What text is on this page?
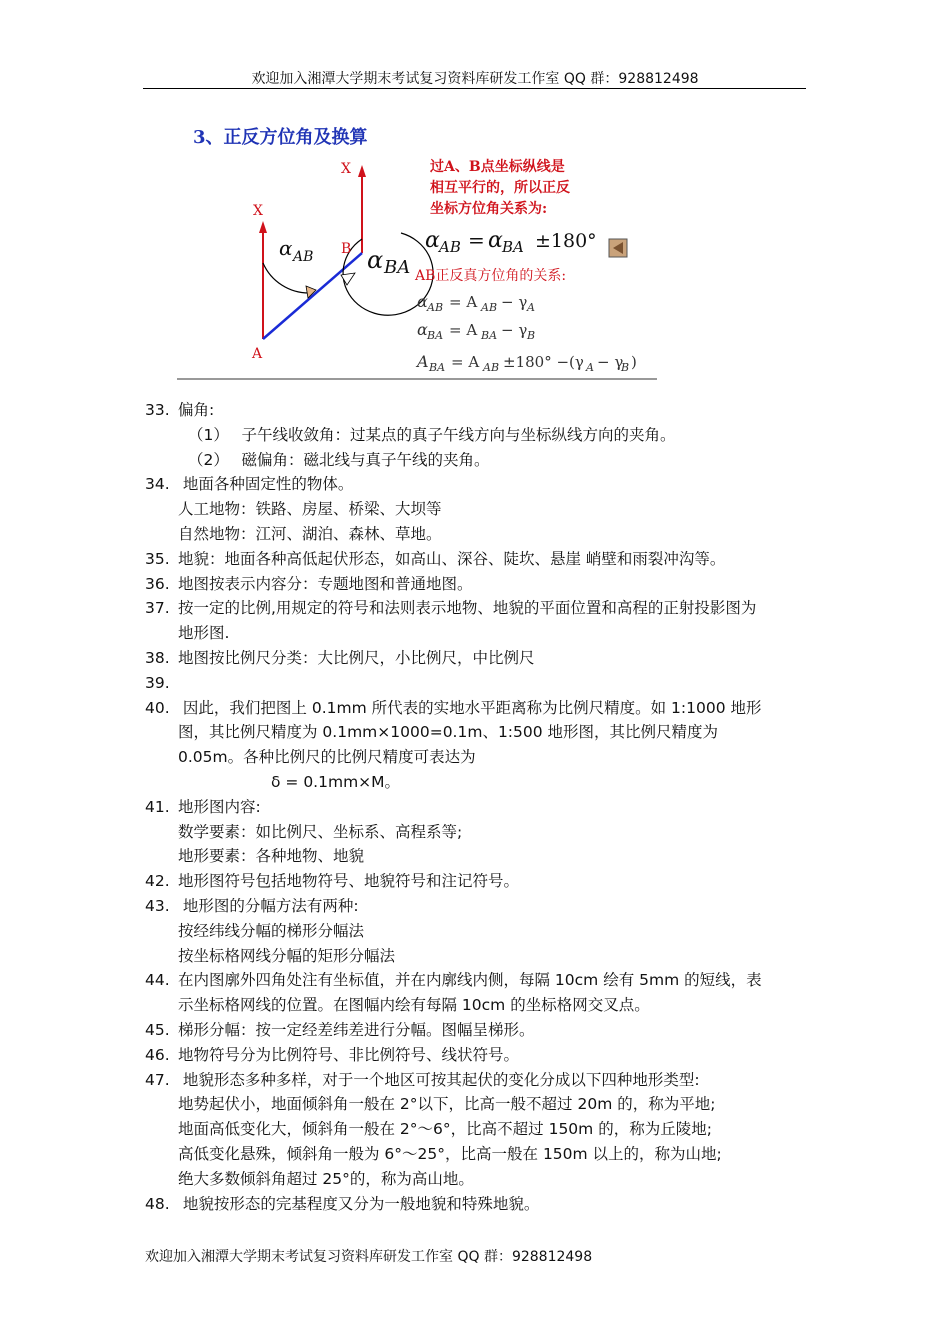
欢迎加入湘潭大学期末考试复习资料库研发工作室 QQ 群：928812498
3、正反方位角及换算
X
X
A
B
α AB α BA
α AB = α BA ±180°
α AB = A AB − γ A
α BA = A BA − γ B
A BA = A AB ±180° −(γ A − γ
B )
过A、B点坐标纵线是
相互平行的，所以正反
坐标方位角关系为:
AB正反真方位角的关系:
33. 偏角:
（1）　 子午线收敛角：过某点的真子午线方向与坐标纵线方向的夹角。
（2）　 磁偏角：磁北线与真子午线的夹角。
34. 地面各种固定性的物体。
人工地物：铁路、房屋、桥梁、大坝等
自然地物：江河、湖泊、森林、草地。
35. 地貌：地面各种高低起伏形态，如高山、深谷、陡坎、悬崖 峭壁和雨裂冲沟等。
36. 地图按表示内容分：专题地图和普通地图。
37. 按一定的比例,用规定的符号和法则表示地物、地貌的平面位置和高程的正射投影图为
地形图.
38. 地图按比例尺分类：大比例尺，小比例尺，中比例尺
39.
40. 因此，我们把图上 0.1mm 所代表的实地水平距离称为比例尺精度。如 1:1000 地形
图，其比例尺精度为 0.1mm×1000=0.1m、1:500 地形图，其比例尺精度为
0.05m。各种比例尺的比例尺精度可表达为
　　　　　　δ = 0.1mm×M。
41. 地形图内容:
数学要素：如比例尺、坐标系、高程系等;
地形要素：各种地物、地貌
42. 地形图符号包括地物符号、地貌符号和注记符号。
43. 地形图的分幅方法有两种:
按经纬线分幅的梯形分幅法
按坐标格网线分幅的矩形分幅法
44. 在内图廓外四角处注有坐标值，并在内廓线内侧，每隔 10cm 绘有 5mm 的短线，表
示坐标格网线的位置。在图幅内绘有每隔 10cm 的坐标格网交叉点。
45. 梯形分幅：按一定经差纬差进行分幅。图幅呈梯形。
46. 地物符号分为比例符号、非比例符号、线状符号。
47. 地貌形态多种多样，对于一个地区可按其起伏的变化分成以下四种地形类型:
地势起伏小，地面倾斜角一般在 2°以下，比高一般不超过 20m 的，称为平地;
地面高低变化大，倾斜角一般在 2°～6°，比高不超过 150m 的，称为丘陵地;
高低变化悬殊，倾斜角一般为 6°～25°，比高一般在 150m 以上的，称为山地;
绝大多数倾斜角超过 25°的，称为高山地。
48. 地貌按形态的完基程度又分为一般地貌和特殊地貌。
欢迎加入湘潭大学期末考试复习资料库研发工作室 QQ 群：928812498
